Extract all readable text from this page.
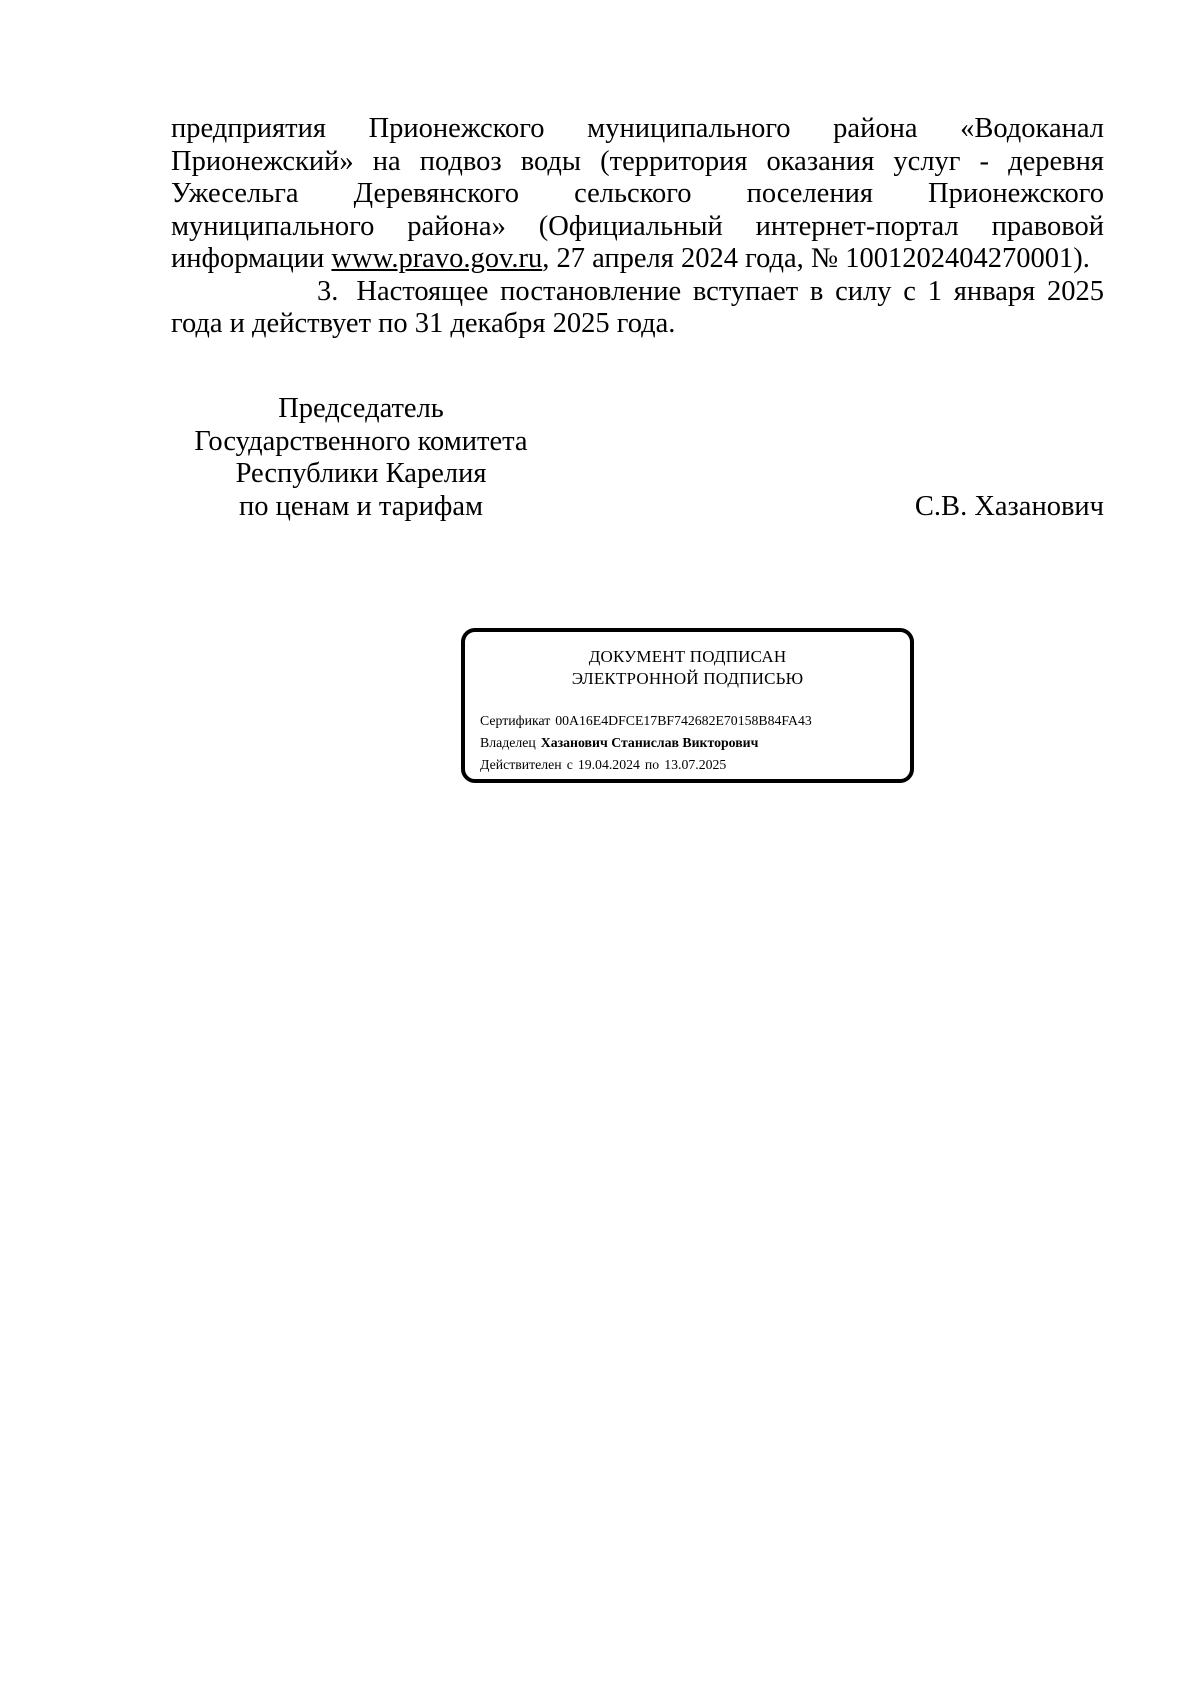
предприятия Прионежского муниципального района «Водоканал Прионежский» на подвоз воды (территория оказания услуг - деревня Ужесельга Деревянского сельского поселения Прионежского муниципального района» (Официальный интернет-портал правовой информации www.pravo.gov.ru, 27 апреля 2024 года, № 1001202404270001).

3. Настоящее постановление вступает в силу с 1 января 2025 года и действует по 31 декабря 2025 года.

Председатель
Государственного комитета
Республики Карелия
по ценам и тарифам	С.В. Хазанович
ДОКУМЕНТ ПОДПИСАН
ЭЛЕКТРОННОЙ ПОДПИСЬЮ
Сертификат 00A16E4DFCE17BF742682E70158B84FA43
Владелец Хазанович Станислав Викторович
Действителен с 19.04.2024 по 13.07.2025
